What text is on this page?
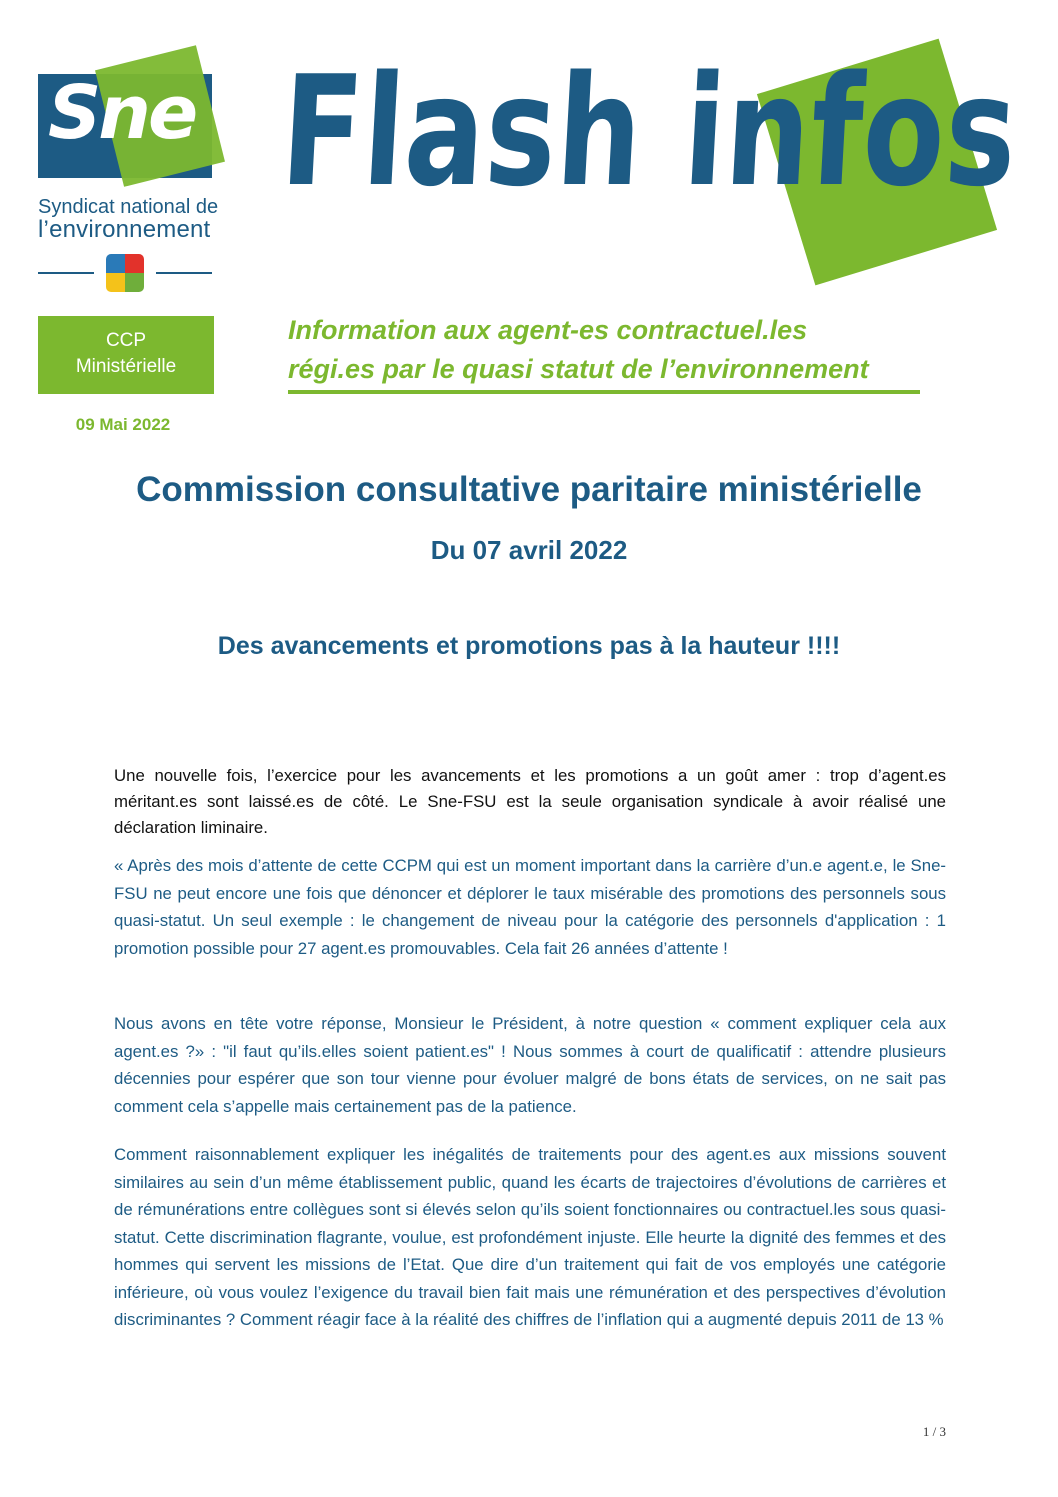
Sne
Syndicat national de
l’environnement
Flash infos
CCP
Ministérielle
09 Mai 2022
Information aux agent-es contractuel.les
régi.es par le quasi statut de l’environnement
Commission consultative paritaire ministérielle
Du 07 avril 2022
Des avancements et promotions pas à la hauteur !!!!
Une nouvelle fois, l’exercice pour les avancements et les promotions a un goût amer : trop d’agent.es méritant.es sont laissé.es de côté. Le Sne-FSU est la seule organisation syndicale à avoir réalisé une déclaration liminaire.
« Après des mois d’attente de cette CCPM qui est un moment important dans la carrière d’un.e agent.e, le Sne-FSU ne peut encore une fois que dénoncer et déplorer le taux misérable des promotions des personnels sous quasi-statut. Un seul exemple : le changement de niveau pour la catégorie des personnels d'application : 1 promotion possible pour 27 agent.es promouvables. Cela fait 26 années d’attente !
Nous avons en tête votre réponse, Monsieur le Président, à notre question « comment expliquer cela aux agent.es ?» : "il faut qu’ils.elles soient patient.es" ! Nous sommes à court de qualificatif : attendre plusieurs décennies pour espérer que son tour vienne pour évoluer malgré de bons états de services, on ne sait pas comment cela s’appelle mais certainement pas de la patience.
Comment raisonnablement expliquer les inégalités de traitements pour des agent.es aux missions souvent similaires au sein d’un même établissement public, quand les écarts de trajectoires d’évolutions de carrières et de rémunérations entre collègues sont si élevés selon qu’ils soient fonctionnaires ou contractuel.les sous quasi-statut. Cette discrimination flagrante, voulue, est profondément injuste. Elle heurte la dignité des femmes et des hommes qui servent les missions de l’Etat. Que dire d’un traitement qui fait de vos employés une catégorie inférieure, où vous voulez l’exigence du travail bien fait mais une rémunération et des perspectives d’évolution discriminantes ? Comment réagir face à la réalité des chiffres de l’inflation qui a augmenté depuis 2011 de 13 %
1 / 3
